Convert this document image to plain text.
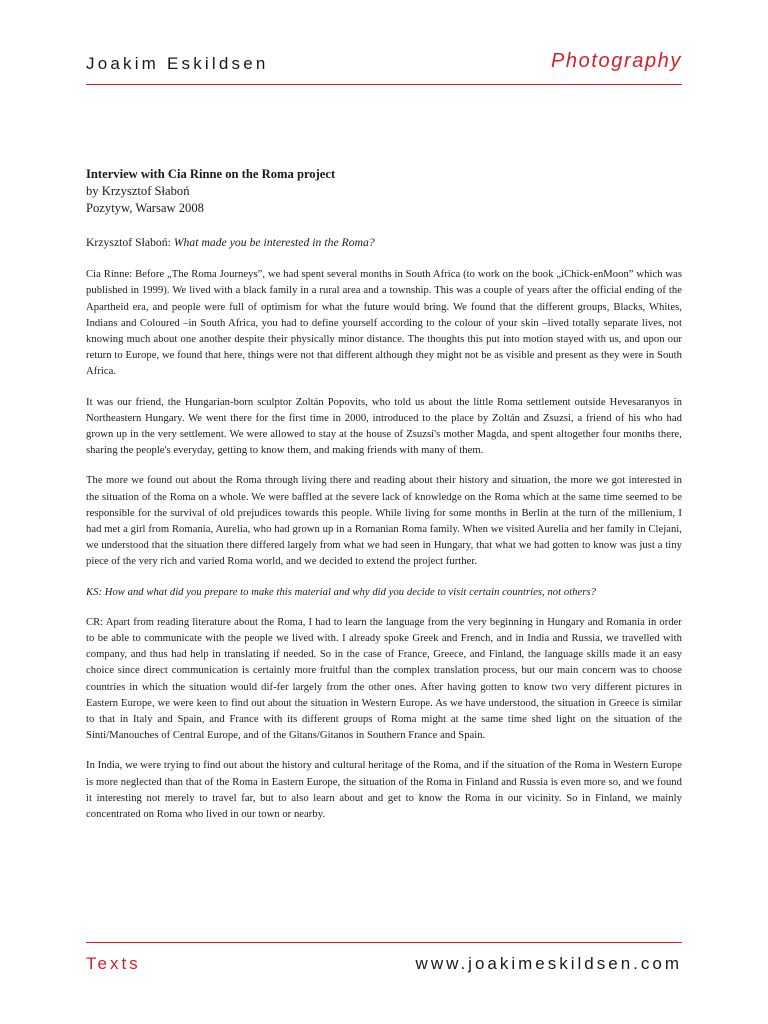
Joakim Eskildsen	Photography
Interview with Cia Rinne on the Roma project
by Krzysztof Słaboń
Pozytyw, Warsaw 2008

Krzysztof Słaboń: What made you be interested in the Roma?

Cia Rinne: Before „The Roma Journeys”, we had spent several months in South Africa (to work on the book „iChick-enMoon” which was published in 1999). We lived with a black family in a rural area and a township. This was a couple of years after the official ending of the Apartheid era, and people were full of optimism for what the future would bring. We found that the different groups, Blacks, Whites, Indians and Coloured –in South Africa, you had to define yourself according to the colour of your skin –lived totally separate lives, not knowing much about one another despite their physically minor distance. The thoughts this put into motion stayed with us, and upon our return to Europe, we found that here, things were not that different although they might not be as visible and present as they were in South Africa.

It was our friend, the Hungarian-born sculptor Zoltán Popovits, who told us about the little Roma settlement outside Hevesaranyos in Northeastern Hungary. We went there for the first time in 2000, introduced to the place by Zoltán and Zsuzsi, a friend of his who had grown up in the very settlement. We were allowed to stay at the house of Zsuzsi's mother Magda, and spent altogether four months there, sharing the people's everyday, getting to know them, and making friends with many of them.

The more we found out about the Roma through living there and reading about their history and situation, the more we got interested in the situation of the Roma on a whole. We were baffled at the severe lack of knowledge on the Roma which at the same time seemed to be responsible for the survival of old prejudices towards this people. While living for some months in Berlin at the turn of the millenium, I had met a girl from Romania, Aurelia, who had grown up in a Romanian Roma family. When we visited Aurelia and her family in Clejani, we understood that the situation there differed largely from what we had seen in Hungary, that what we had gotten to know was just a tiny piece of the very rich and varied Roma world, and we decided to extend the project further.

KS: How and what did you prepare to make this material and why did you decide to visit certain countries, not others?

CR: Apart from reading literature about the Roma, I had to learn the language from the very beginning in Hungary and Romania in order to be able to communicate with the people we lived with. I already spoke Greek and French, and in India and Russia, we travelled with company, and thus had help in translating if needed. So in the case of France, Greece, and Finland, the language skills made it an easy choice since direct communication is certainly more fruitful than the complex translation process, but our main concern was to choose countries in which the situation would dif-fer largely from the other ones. After having gotten to know two very different pictures in Eastern Europe, we were keen to find out about the situation in Western Europe. As we have understood, the situation in Greece is similar to that in Italy and Spain, and France with its different groups of Roma might at the same time shed light on the situation of the Sinti/Manouches of Central Europe, and of the Gitans/Gitanos in Southern France and Spain.

In India, we were trying to find out about the history and cultural heritage of the Roma, and if the situation of the Roma in Western Europe is more neglected than that of the Roma in Eastern Europe, the situation of the Roma in Finland and Russia is even more so, and we found it interesting not merely to travel far, but to also learn about and get to know the Roma in our vicinity. So in Finland, we mainly concentrated on Roma who lived in our town or nearby.

Texts	www.joakimeskildsen.com
